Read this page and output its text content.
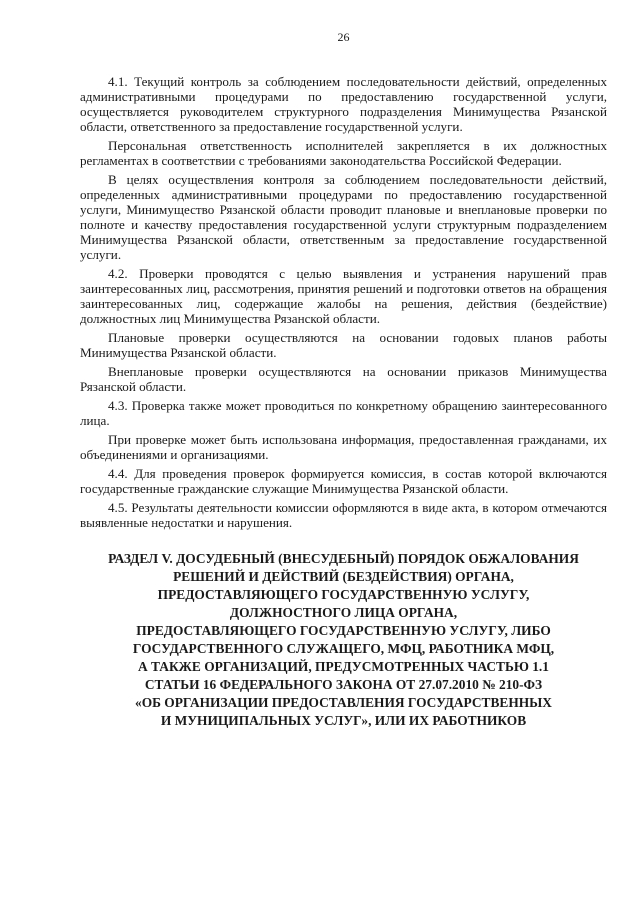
26

4.1. Текущий контроль за соблюдением последовательности действий, определенных административными процедурами по предоставлению государственной услуги, осуществляется руководителем структурного подразделения Минимущества Рязанской области, ответственного за предоставление государственной услуги.

Персональная ответственность исполнителей закрепляется в их должностных регламентах в соответствии с требованиями законодательства Российской Федерации.

В целях осуществления контроля за соблюдением последовательности действий, определенных административными процедурами по предоставлению государственной услуги, Минимущество Рязанской области проводит плановые и внеплановые проверки по полноте и качеству предоставления государственной услуги структурным подразделением Минимущества Рязанской области, ответственным за предоставление государственной услуги.

4.2. Проверки проводятся с целью выявления и устранения нарушений прав заинтересованных лиц, рассмотрения, принятия решений и подготовки ответов на обращения заинтересованных лиц, содержащие жалобы на решения, действия (бездействие) должностных лиц Минимущества Рязанской области.

Плановые проверки осуществляются на основании годовых планов работы Минимущества Рязанской области.

Внеплановые проверки осуществляются на основании приказов Минимущества Рязанской области.

4.3. Проверка также может проводиться по конкретному обращению заинтересованного лица.

При проверке может быть использована информация, предоставленная гражданами, их объединениями и организациями.

4.4. Для проведения проверок формируется комиссия, в состав которой включаются государственные гражданские служащие Минимущества Рязанской области.

4.5. Результаты деятельности комиссии оформляются в виде акта, в котором отмечаются выявленные недостатки и нарушения.

РАЗДЕЛ V. ДОСУДЕБНЫЙ (ВНЕСУДЕБНЫЙ) ПОРЯДОК ОБЖАЛОВАНИЯ
РЕШЕНИЙ И ДЕЙСТВИЙ (БЕЗДЕЙСТВИЯ) ОРГАНА,
ПРЕДОСТАВЛЯЮЩЕГО ГОСУДАРСТВЕННУЮ УСЛУГУ,
ДОЛЖНОСТНОГО ЛИЦА ОРГАНА,
ПРЕДОСТАВЛЯЮЩЕГО ГОСУДАРСТВЕННУЮ УСЛУГУ, ЛИБО
ГОСУДАРСТВЕННОГО СЛУЖАЩЕГО, МФЦ, РАБОТНИКА МФЦ,
А ТАКЖЕ ОРГАНИЗАЦИЙ, ПРЕДУСМОТРЕННЫХ ЧАСТЬЮ 1.1
СТАТЬИ 16 ФЕДЕРАЛЬНОГО ЗАКОНА ОТ 27.07.2010 № 210-ФЗ
«ОБ ОРГАНИЗАЦИИ ПРЕДОСТАВЛЕНИЯ ГОСУДАРСТВЕННЫХ
И МУНИЦИПАЛЬНЫХ УСЛУГ», ИЛИ ИХ РАБОТНИКОВ
